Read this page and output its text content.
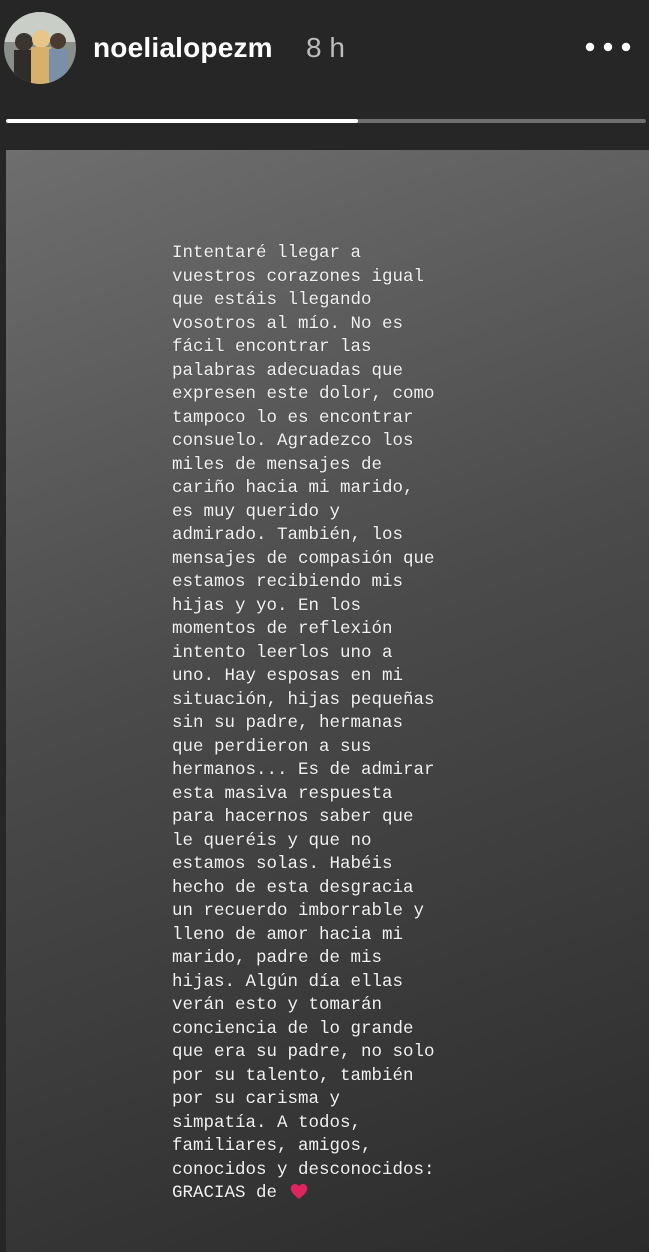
noelialopezm 8 h

Intentaré llegar a
vuestros corazones igual
que estáis llegando
vosotros al mío. No es
fácil encontrar las
palabras adecuadas que
expresen este dolor, como
tampoco lo es encontrar
consuelo. Agradezco los
miles de mensajes de
cariño hacia mi marido,
es muy querido y
admirado. También, los
mensajes de compasión que
estamos recibiendo mis
hijas y yo. En los
momentos de reflexión
intento leerlos uno a
uno. Hay esposas en mi
situación, hijas pequeñas
sin su padre, hermanas
que perdieron a sus
hermanos... Es de admirar
esta masiva respuesta
para hacernos saber que
le queréis y que no
estamos solas. Habéis
hecho de esta desgracia
un recuerdo imborrable y
lleno de amor hacia mi
marido, padre de mis
hijas. Algún día ellas
verán esto y tomarán
conciencia de lo grande
que era su padre, no solo
por su talento, también
por su carisma y
simpatía. A todos,
familiares, amigos,
conocidos y desconocidos:
GRACIAS de
